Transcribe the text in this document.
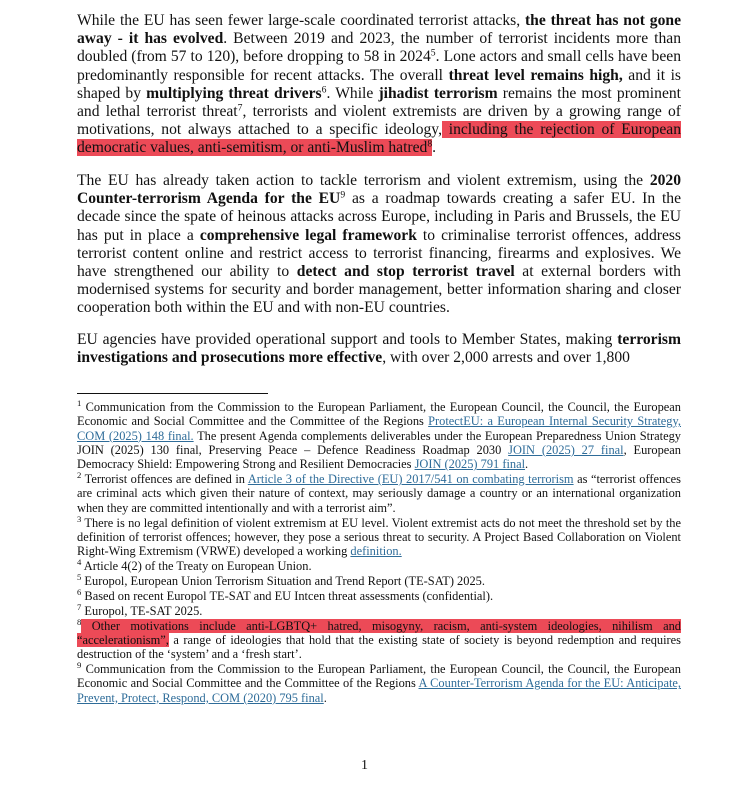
While the EU has seen fewer large-scale coordinated terrorist attacks, the threat has not gone away - it has evolved. Between 2019 and 2023, the number of terrorist incidents more than doubled (from 57 to 120), before dropping to 58 in 2024$^5$. Lone actors and small cells have been predominantly responsible for recent attacks. The overall threat level remains high, and it is shaped by multiplying threat drivers$^6$. While jihadist terrorism remains the most prominent and lethal terrorist threat$^7$, terrorists and violent extremists are driven by a growing range of motivations, not always attached to a specific ideology, including the rejection of European democratic values, anti-semitism, or anti-Muslim hatred$^8$.

The EU has already taken action to tackle terrorism and violent extremism, using the 2020 Counter-terrorism Agenda for the $EU^9$ as a roadmap towards creating a safer EU. In the decade since the spate of heinous attacks across Europe, including in Paris and Brussels, the EU has put in place a comprehensive legal framework to criminalise terrorist offences, address terrorist content online and restrict access to terrorist financing, firearms and explosives. We have strengthened our ability to detect and stop terrorist travel at external borders with modernised systems for security and border management, better information sharing and closer cooperation both within the EU and with non-EU countries.

EU agencies have provided operational support and tools to Member States, making terrorism investigations and prosecutions more effective, with over 2,000 arrests and over 1,800

$^1$ Communication from the Commission to the European Parliament, the European Council, the Council, the European Economic and Social Committee and the Committee of the Regions ProtectEU: a European Internal Security Strategy, COM (2025) 148 final. The present Agenda complements deliverables under the European Preparedness Union Strategy JOIN (2025) 130 final, Preserving Peace – Defence Readiness Roadmap 2030 JOIN (2025) 27 final, European Democracy Shield: Empowering Strong and Resilient Democracies JOIN (2025) 791 final.

$^2$ Terrorist offences are defined in Article 3 of the Directive (EU) 2017/541 on combating terrorism as “terrorist offences are criminal acts which given their nature of context, may seriously damage a country or an international organization when they are committed intentionally and with a terrorist aim”.

$^3$ There is no legal definition of violent extremism at EU level. Violent extremist acts do not meet the threshold set by the definition of terrorist offences; however, they pose a serious threat to security. A Project Based Collaboration on Violent Right-Wing Extremism (VRWE) developed a working definition.

$^4$ Article 4(2) of the Treaty on European Union.

$^5$ Europol, European Union Terrorism Situation and Trend Report (TE-SAT) 2025.

$^6$ Based on recent Europol TE-SAT and EU Intcen threat assessments (confidential).

$^7$ Europol, TE-SAT 2025.

$^8$ Other motivations include anti-LGBTQ+ hatred, misogyny, racism, anti-system ideologies, nihilism and “accelerationism”, a range of ideologies that hold that the existing state of society is beyond redemption and requires destruction of the ‘system’ and a ‘fresh start’.

$^9$ Communication from the Commission to the European Parliament, the European Council, the Council, the European Economic and Social Committee and the Committee of the Regions A Counter-Terrorism Agenda for the EU: Anticipate, Prevent, Protect, Respond, COM (2020) 795 final.

1
